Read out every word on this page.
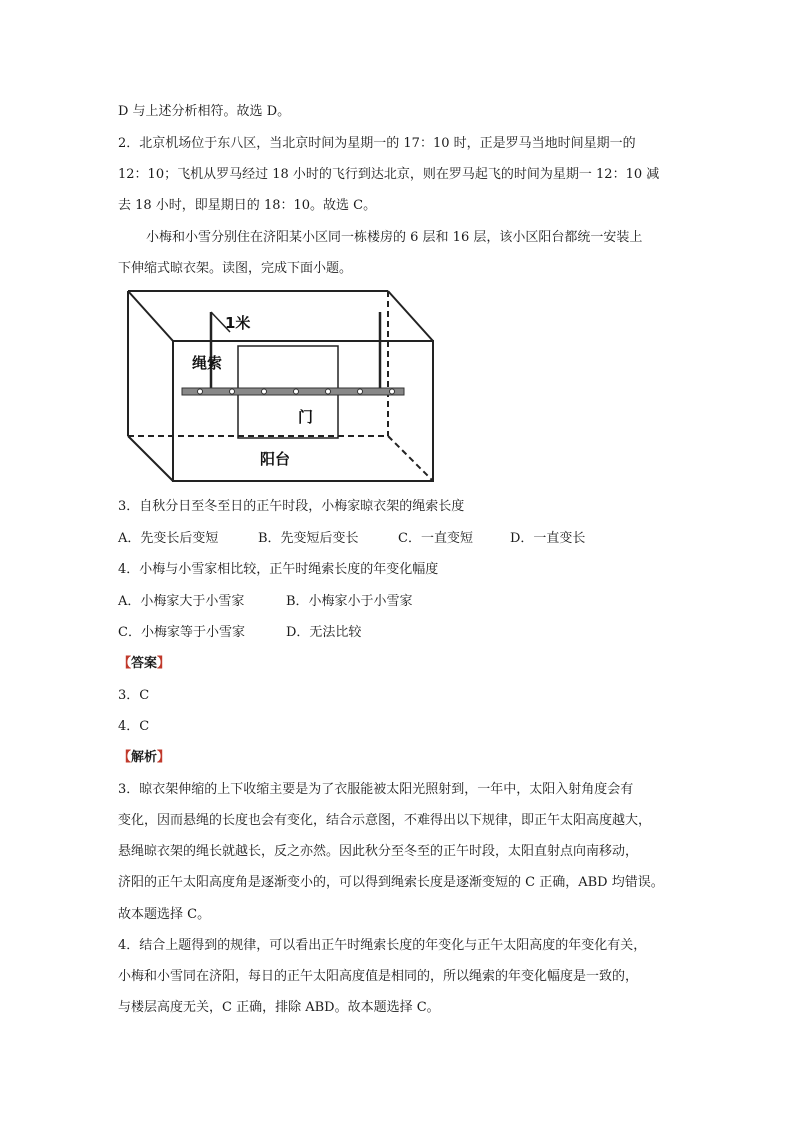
D 与上述分析相符。故选 D。
2．北京机场位于东八区，当北京时间为星期一的 17：10 时，正是罗马当地时间星期一的
12：10；飞机从罗马经过 18 小时的飞行到达北京，则在罗马起飞的时间为星期一 12：10 减
去 18 小时，即星期日的 18：10。故选 C。
小梅和小雪分别住在济阳某小区同一栋楼房的 6 层和 16 层，该小区阳台都统一安装上
下伸缩式晾衣架。读图，完成下面小题。
1米
绳索
门
阳台
3．自秋分日至冬至日的正午时段，小梅家晾衣架的绳索长度
A．先变长后变短	B．先变短后变长	C．一直变短	D．一直变长
4．小梅与小雪家相比较，正午时绳索长度的年变化幅度
A．小梅家大于小雪家	B．小梅家小于小雪家
C．小梅家等于小雪家	D．无法比较
【答案】
3．C
4．C
【解析】
3．晾衣架伸缩的上下收缩主要是为了衣服能被太阳光照射到，一年中，太阳入射角度会有
变化，因而悬绳的长度也会有变化，结合示意图，不难得出以下规律，即正午太阳高度越大，
悬绳晾衣架的绳长就越长，反之亦然。因此秋分至冬至的正午时段，太阳直射点向南移动，
济阳的正午太阳高度角是逐渐变小的，可以得到绳索长度是逐渐变短的 C 正确，ABD 均错误。
故本题选择 C。
4．结合上题得到的规律，可以看出正午时绳索长度的年变化与正午太阳高度的年变化有关，
小梅和小雪同在济阳，每日的正午太阳高度值是相同的，所以绳索的年变化幅度是一致的，
与楼层高度无关，C 正确，排除 ABD。故本题选择 C。
